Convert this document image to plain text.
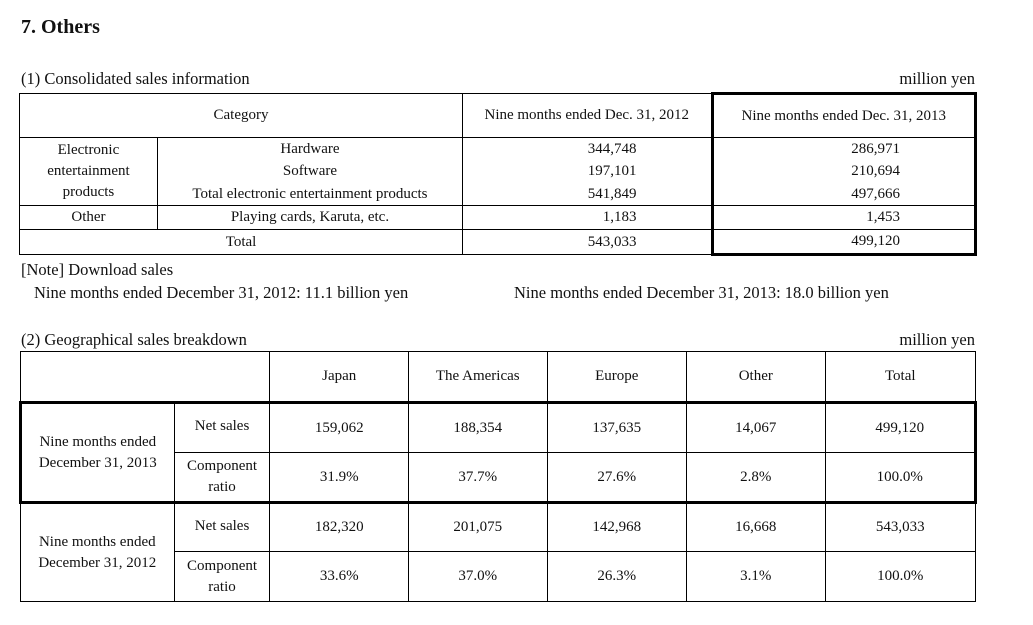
7. Others
(1) Consolidated sales information	million yen
Category		Nine months ended Dec. 31, 2012	Nine months ended Dec. 31, 2013
Electronic entertainment products	Hardware	344,748	286,971
	Software	197,101	210,694
	Total electronic entertainment products	541,849	497,666
Other	Playing cards, Karuta, etc.	1,183	1,453
Total		543,033	499,120
[Note] Download sales
Nine months ended December 31, 2012: 11.1 billion yen	Nine months ended December 31, 2013: 18.0 billion yen
(2) Geographical sales breakdown	million yen
		Japan	The Americas	Europe	Other	Total
Nine months ended December 31, 2013	Net sales	159,062	188,354	137,635	14,067	499,120
	Component ratio	31.9%	37.7%	27.6%	2.8%	100.0%
Nine months ended December 31, 2012	Net sales	182,320	201,075	142,968	16,668	543,033
	Component ratio	33.6%	37.0%	26.3%	3.1%	100.0%
